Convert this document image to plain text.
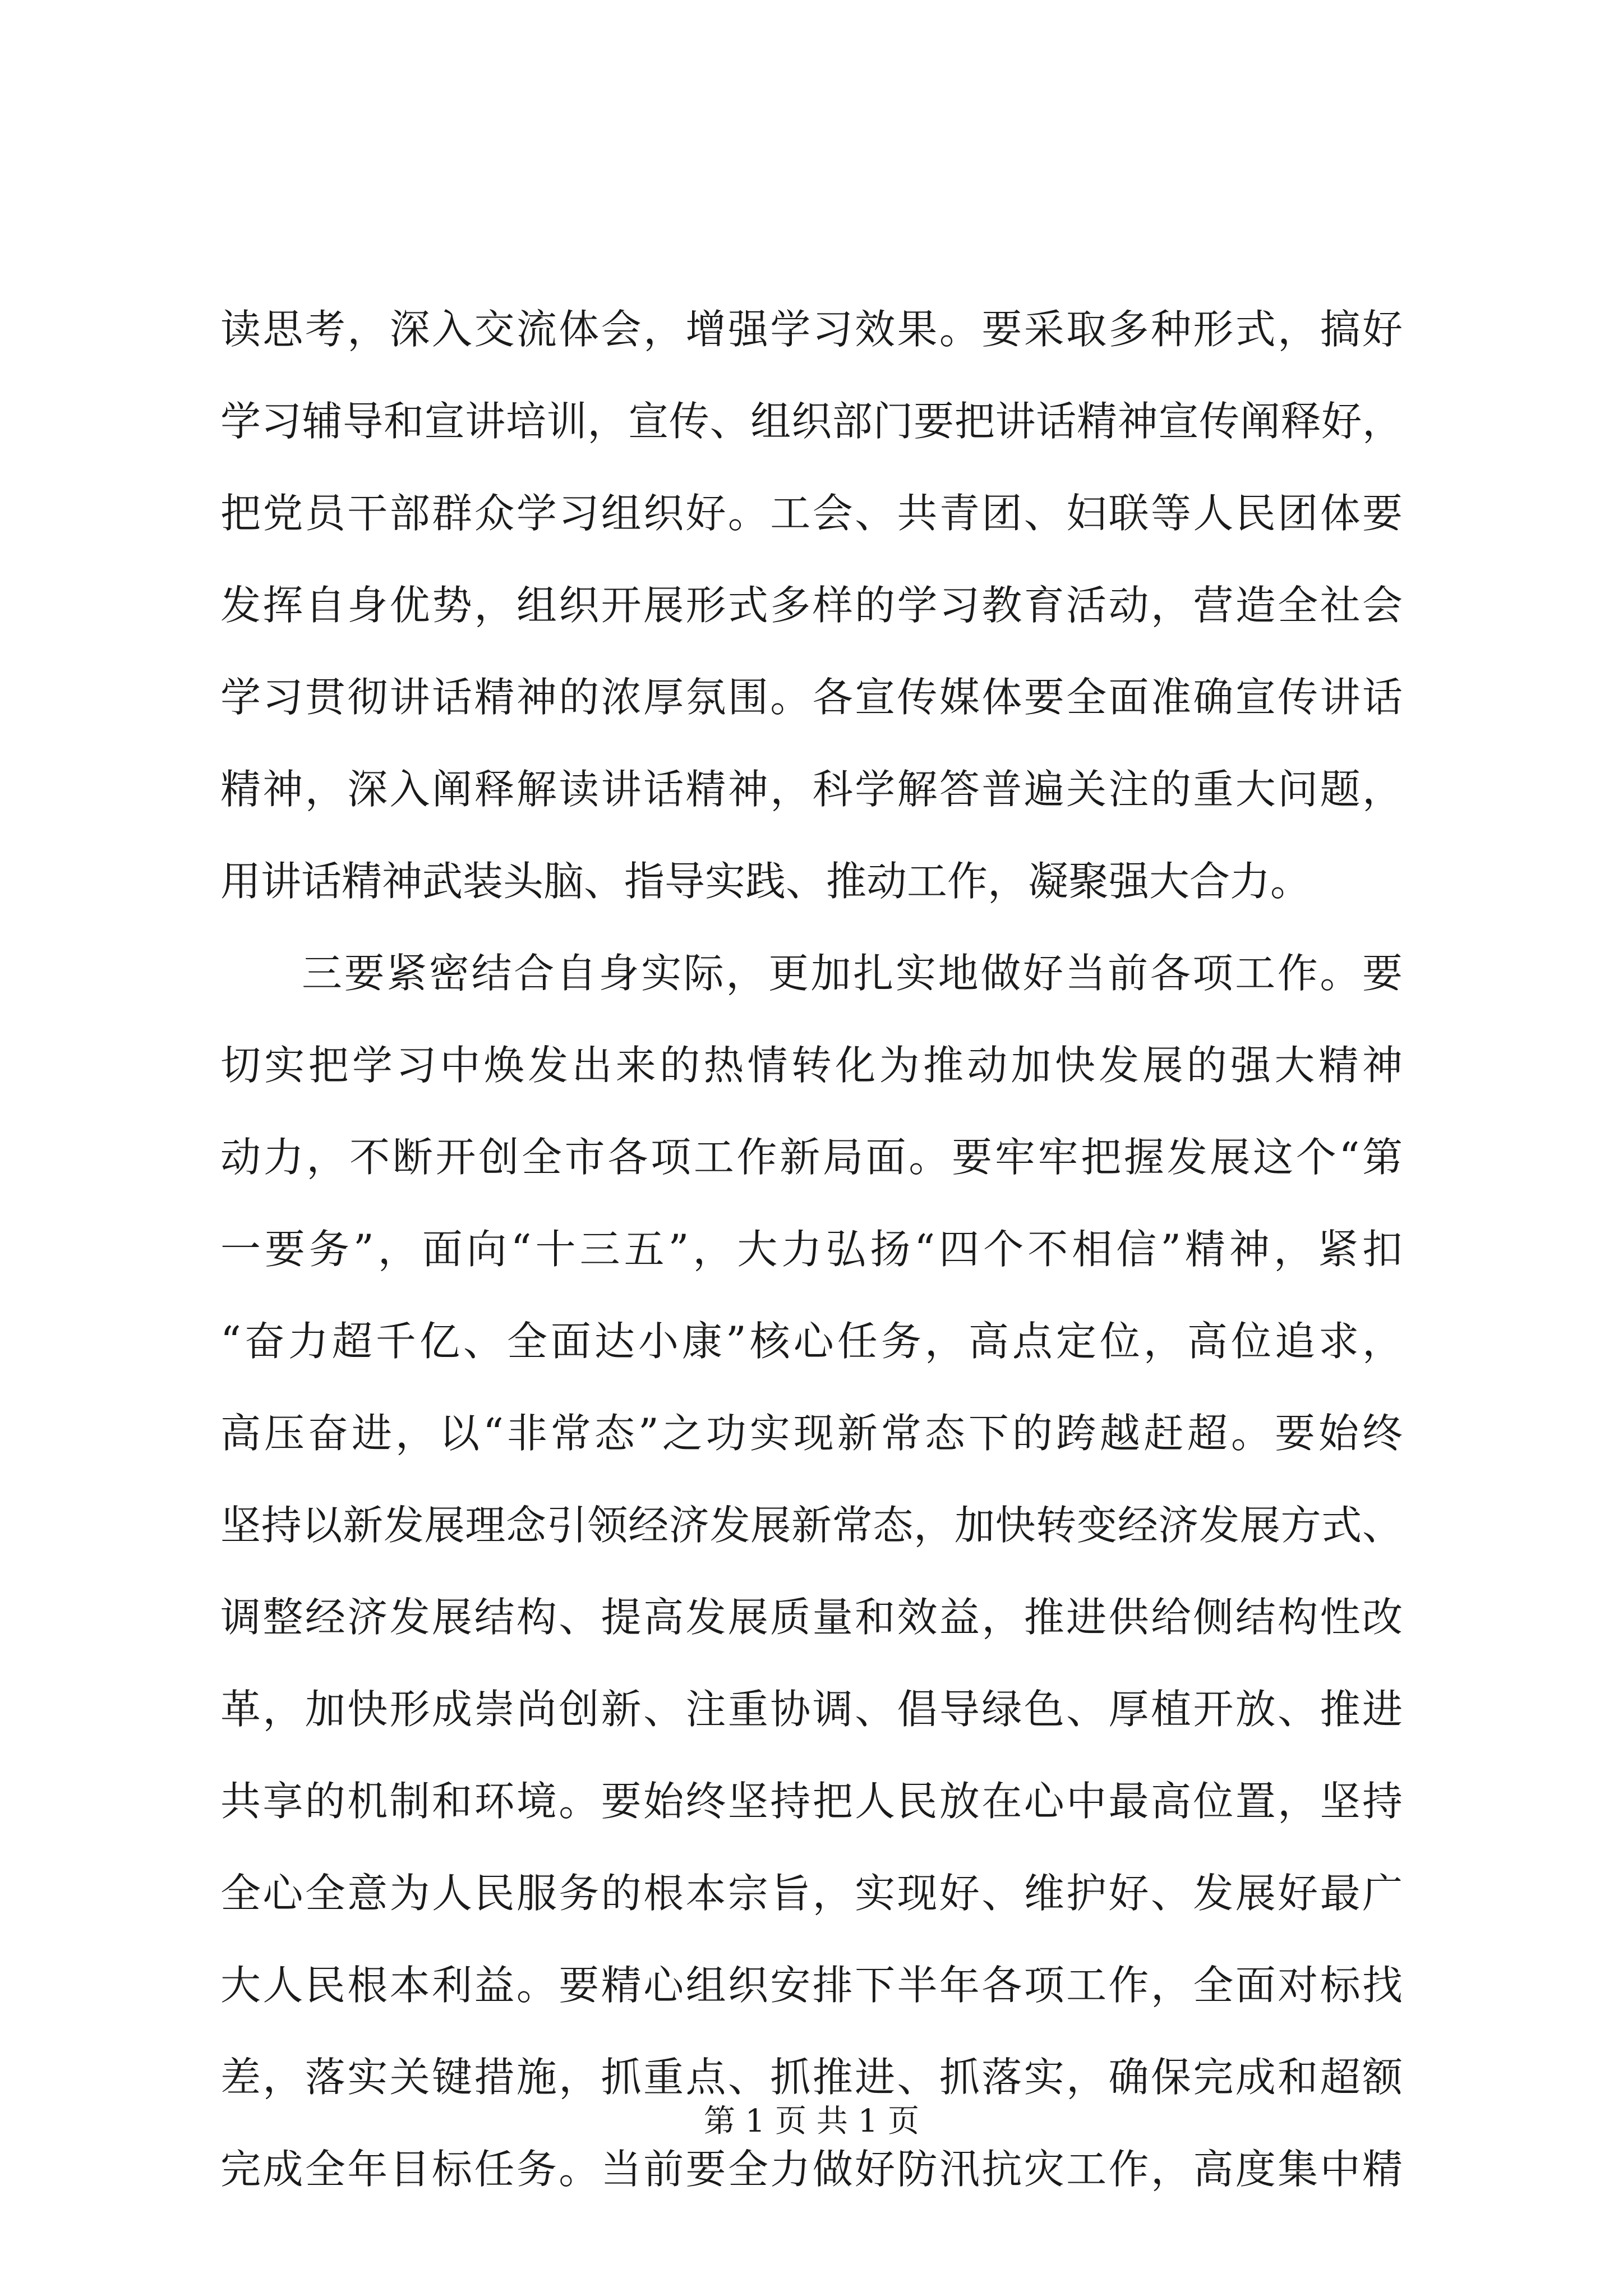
读思考，深入交流体会，增强学习效果。要采取多种形式，搞好
学习辅导和宣讲培训，宣传、组织部门要把讲话精神宣传阐释好，
把党员干部群众学习组织好。工会、共青团、妇联等人民团体要
发挥自身优势，组织开展形式多样的学习教育活动，营造全社会
学习贯彻讲话精神的浓厚氛围。各宣传媒体要全面准确宣传讲话
精神，深入阐释解读讲话精神，科学解答普遍关注的重大问题，
用讲话精神武装头脑、指导实践、推动工作，凝聚强大合力。
三要紧密结合自身实际，更加扎实地做好当前各项工作。要
切实把学习中焕发出来的热情转化为推动加快发展的强大精神
动力，不断开创全市各项工作新局面。要牢牢把握发展这个“第
一要务”，面向“十三五”，大力弘扬“四个不相信”精神，紧扣
“奋力超千亿、全面达小康”核心任务，高点定位，高位追求，
高压奋进，以“非常态”之功实现新常态下的跨越赶超。要始终
坚持以新发展理念引领经济发展新常态，加快转变经济发展方式、
调整经济发展结构、提高发展质量和效益，推进供给侧结构性改
革，加快形成崇尚创新、注重协调、倡导绿色、厚植开放、推进
共享的机制和环境。要始终坚持把人民放在心中最高位置，坚持
全心全意为人民服务的根本宗旨，实现好、维护好、发展好最广
大人民根本利益。要精心组织安排下半年各项工作，全面对标找
差，落实关键措施，抓重点、抓推进、抓落实，确保完成和超额
完成全年目标任务。当前要全力做好防汛抗灾工作，高度集中精
第 1 页 共 1 页
